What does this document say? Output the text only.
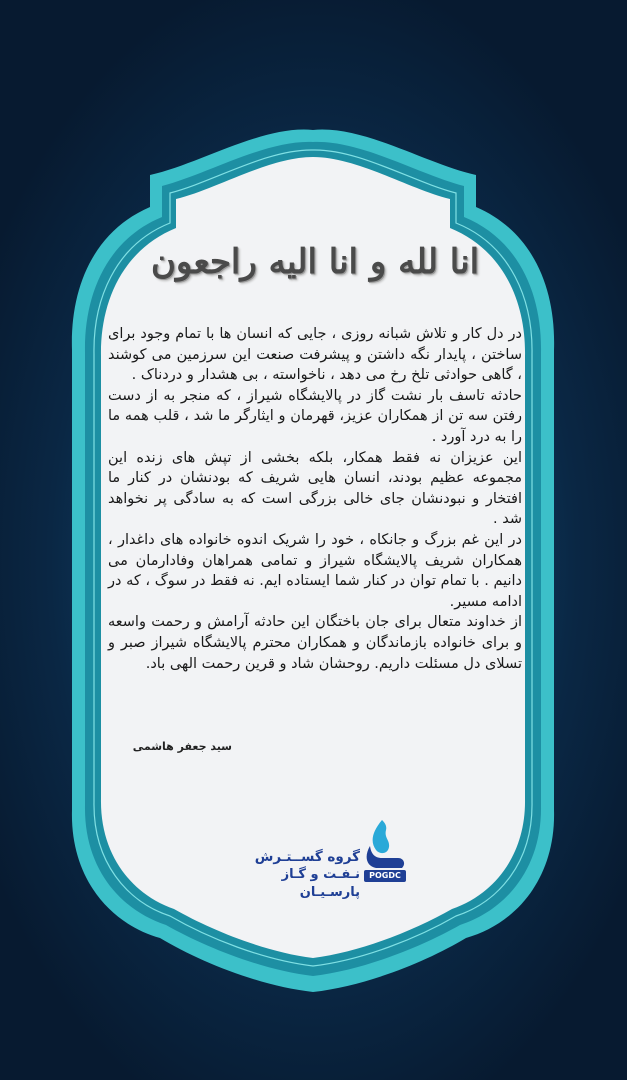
انا لله و انا الیه راجعون

در دل کار و تلاش شبانه روزی ، جایی که انسان ها با تمام وجود برای ساختن ، پایدار نگه داشتن و پیشرفت صنعت این سرزمین می کوشند ، گاهی حوادثی تلخ رخ می دهد ، ناخواسته ، بی هشدار و دردناک .

حادثه تاسف بار نشت گاز در پالایشگاه شیراز ، که منجر به از دست رفتن سه تن از همکاران عزیز، قهرمان و ایثارگر ما شد ، قلب همه ما را به درد آورد .

این عزیزان نه فقط همکار، بلکه بخشی از تپش های زنده این مجموعه عظیم بودند، انسان هایی شریف که بودنشان در کنار ما افتخار و نبودنشان جای خالی بزرگی است که به سادگی پر نخواهد شد .

در این غم بزرگ و جانکاه ، خود را شریک اندوه خانواده های داغدار ، همکاران شریف پالایشگاه شیراز و تمامی همراهان وفادارمان می دانیم . با تمام توان در کنار شما ایستاده ایم. نه فقط در سوگ ، که در ادامه مسیر.

از خداوند متعال برای جان باختگان این حادثه آرامش و رحمت واسعه و برای خانواده بازماندگان و همکاران محترم پالایشگاه شیراز صبر و تسلای دل مسئلت داریم. روحشان شاد و قرین رحمت الهی باد.

سید جعفر هاشمی
گروه گســتـرش
نـفـت و گـاز پارسـیـان
POGDC
